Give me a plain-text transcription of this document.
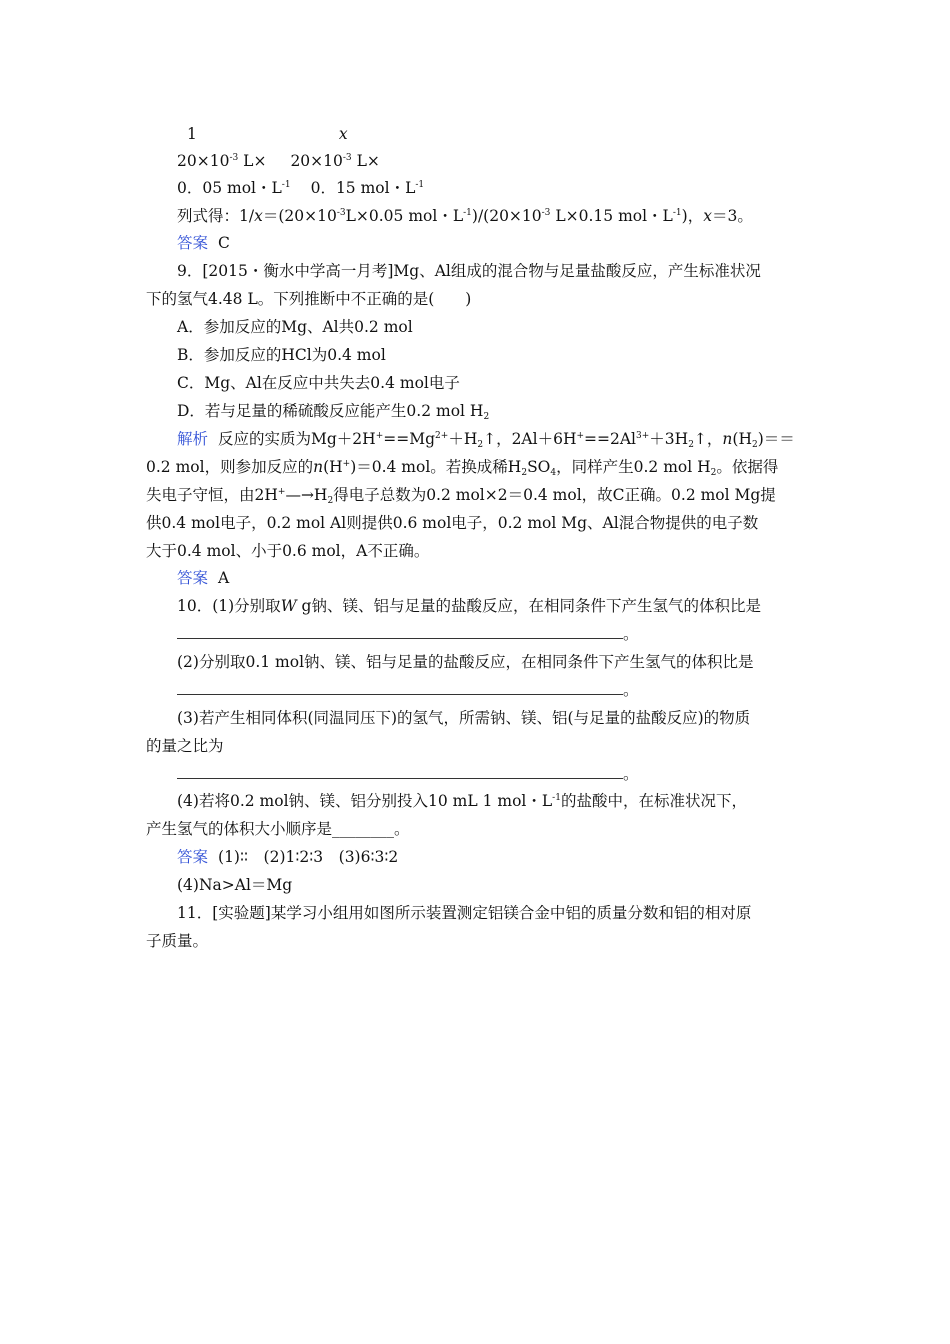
1	x
$20\times 10^{-3}$ $L\times 20\times 10^{-3}$ L×
0．05 mol・$L^{-1}$ 0．15 mol・$L^{-1}$
列式得：$1/x=(20\times 10^{-3}L\times 0.05$ mol・$L^{-1})/(20\times 10^{-3}$ L×0.15 mol・$L^{-1}$)，x＝3。
答案 C
9．[2015・衡水中学高一月考]Mg、Al组成的混合物与足量盐酸反应，产生标准状况
下的氢气4.48 L。下列推断中不正确的是(　　)
A．参加反应的Mg、Al共0.2 mol
B．参加反应的HCl为0.4 mol
C．Mg、Al在反应中共失去0.4 mol电子
D．若与足量的稀硫酸反应能产生0.2 mol $H_2$
解析 反应的实质为$Mg+2H^+==Mg^{2+}+H_2↑$，$2Al+6H^+==2Al^{3+}+3H_2↑$，$n(H_2)==$
0.2 mol，则参加反应的n(H+)＝0.4 mol。若换成稀$H_2SO_4$，同样产生0.2 mol $H_2$。依据得
失电子守恒，由$2H^+—\to H_2$得电子总数为0.2 mol×2＝0.4 mol，故C正确。0.2 mol Mg提
供0.4 mol电子，0.2 mol Al则提供0.6 mol电子，0.2 mol Mg、Al混合物提供的电子数
大于0.4 mol、小于0.6 mol，A不正确。
答案 A
10．(1)分别取W g钠、镁、铝与足量的盐酸反应，在相同条件下产生氢气的体积比是
。
(2)分别取0.1 mol钠、镁、铝与足量的盐酸反应，在相同条件下产生氢气的体积比是
。
(3)若产生相同体积(同温同压下)的氢气，所需钠、镁、铝(与足量的盐酸反应)的物质
的量之比为
。
(4)若将0.2 mol钠、镁、铝分别投入10 mL 1 mol・$L^{-1}$的盐酸中，在标准状况下，
产生氢气的体积大小顺序是________。
答案 (1)∶∶　(2)1∶2∶3　(3)6∶3∶2
(4)Na>Al＝Mg
11．[实验题]某学习小组用如图所示装置测定铝镁合金中铝的质量分数和铝的相对原
子质量。
